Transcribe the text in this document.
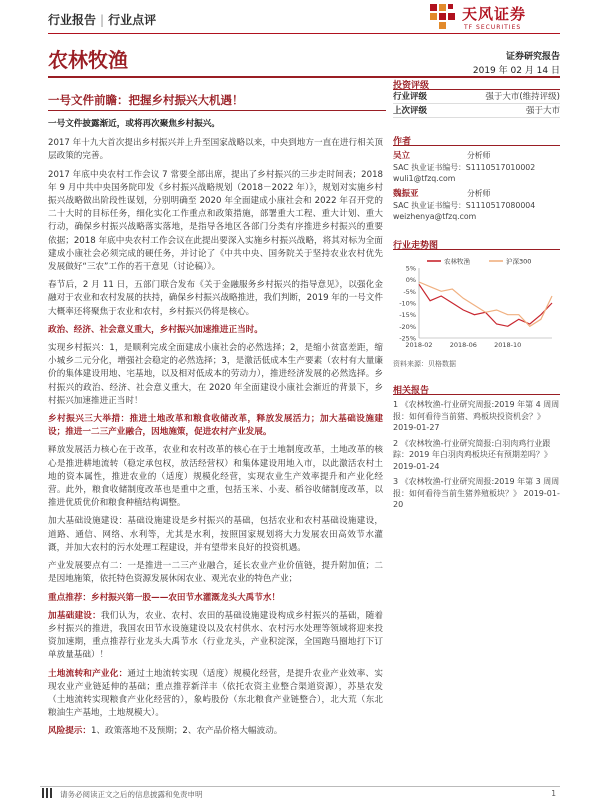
行业报告 | 行业点评	天风证券
TF SECURITIES
农林牧渔	证券研究报告
2019 年 02 月 14 日
一号文件前瞻：把握乡村振兴大机遇！

一号文件披露渐近，或将再次聚焦乡村振兴。

2017 年十九大首次提出乡村振兴并上升至国家战略以来，中央到地方一直在进行相关顶层政策的完善。

2017 年底中央农村工作会议 7 常要全部出席，提出了乡村振兴的三步走时间表；2018 年 9 月中共中央国务院印发《乡村振兴战略规划（2018－2022 年）》，规划对实施乡村振兴战略做出阶段性谋划，分别明确至 2020 年全面建成小康社会和 2022 年召开党的二十大时的目标任务，细化实化工作重点和政策措施，部署重大工程、重大计划、重大行动，确保乡村振兴战略落实落地，是指导各地区各部门分类有序推进乡村振兴的重要依据；2018 年底中央农村工作会议在此提出要深入实施乡村振兴战略，将其对标为全面建成小康社会必须完成的硬任务，并讨论了《中共中央、国务院关于坚持农业农村优先发展做好“三农”工作的若干意见（讨论稿）》。

春节后，2 月 11 日，五部门联合发布《关于金融服务乡村振兴的指导意见》，以强化金融对于农业和农村发展的扶持，确保乡村振兴战略推进，我们判断，2019 年的一号文件大概率还将聚焦于农业和农村，乡村振兴仍将是核心。

政治、经济、社会意义重大，乡村振兴加速推进正当时。

实现乡村振兴：1，是顺利完成全面建成小康社会的必然选择；2，是缩小贫富差距，缩小城乡二元分化，增强社会稳定的必然选择；3，是激活低成本生产要素（农村有大量廉价的集体建设用地、宅基地，以及相对低成本的劳动力），推进经济发展的必然选择。乡村振兴的政治、经济、社会意义重大，在 2020 年全面建设小康社会渐近的背景下，乡村振兴加速推进正当时！

乡村振兴三大举措：推进土地改革和粮食收储改革，释放发展活力；加大基础设施建设；推进一二三产业融合，因地施策，促进农村产业发展。

释放发展活力核心在于改革，农业和农村改革的核心在于土地制度改革，土地改革的核心是推进耕地流转（稳定承包权，放活经营权）和集体建设用地入市，以此激活农村土地的资本属性，推进农业的（适度）规模化经营，实现农业生产效率提升和产业化经营。此外，粮食收储制度改革也是重中之重，包括玉米、小麦、稻谷收储制度改革，以推进优质优价和粮食种植结构调整。

加大基础设施建设：基础设施建设是乡村振兴的基础，包括农业和农村基础设施建设，道路、通信、网络、水利等，尤其是水利，按照国家规划将大力发展农田高效节水灌溉，并加大农村的污水处理工程建设，并有望带来良好的投资机遇。

产业发展要点有二：一是推进一二三产业融合，延长农业产业价值链，提升附加值；二是因地施策，依托特色资源发展休闲农业、观光农业的特色产业；

重点推荐：乡村振兴第一股——农田节水灌溉龙头大禹节水！

加基础建设：我们认为，农业、农村、农田的基础设施建设构成乡村振兴的基础，随着乡村振兴的推进，我国农田节水设施建设以及农村供水、农村污水处理等领域将迎来投资加速期，重点推荐行业龙头大禹节水（行业龙头，产业积淀深，全国跑马圈地打下订单放量基础）！

土地流转和产业化：通过土地流转实现（适度）规模化经营，是提升农业产业效率、实现农业产业链延伸的基础；重点推荐新洋丰（依托农资主业整合渠道资源），苏垦农发（土地流转实现粮食产业化经营的），象屿股份（东北粮食产业链整合），北大荒（东北粮油生产基地，土地规模大）。

风险提示：1、政策落地不及预期；2、农产品价格大幅波动。

投资评级
行业评级	强于大市(维持评级)
上次评级	强于大市
作者
吴立	分析师
SAC 执业证书编号：S1110517010002
wuli1@tfzq.com
魏振亚	分析师
SAC 执业证书编号：S1110517080004
weizhenya@tfzq.com
行业走势图
5%
0%
-5%
-10%
-15%
-20%
-25%
2018-02	2018-06	2018-10
农林牧渔	沪深300
资料来源：贝格数据
相关报告
1 《农林牧渔-行业研究周报:2019 年第 4 周周报：如何看待当前猪、鸡板块投资机会？》 2019-01-27
2 《农林牧渔-行业研究简报:白羽肉鸡行业跟踪：2019 年白羽肉鸡板块还有预期差吗？》 2019-01-24
3 《农林牧渔-行业研究周报:2019 年第 3 周周报：如何看待当前生猪养殖板块？》 2019-01-20
请务必阅读正文之后的信息披露和免责申明	1
